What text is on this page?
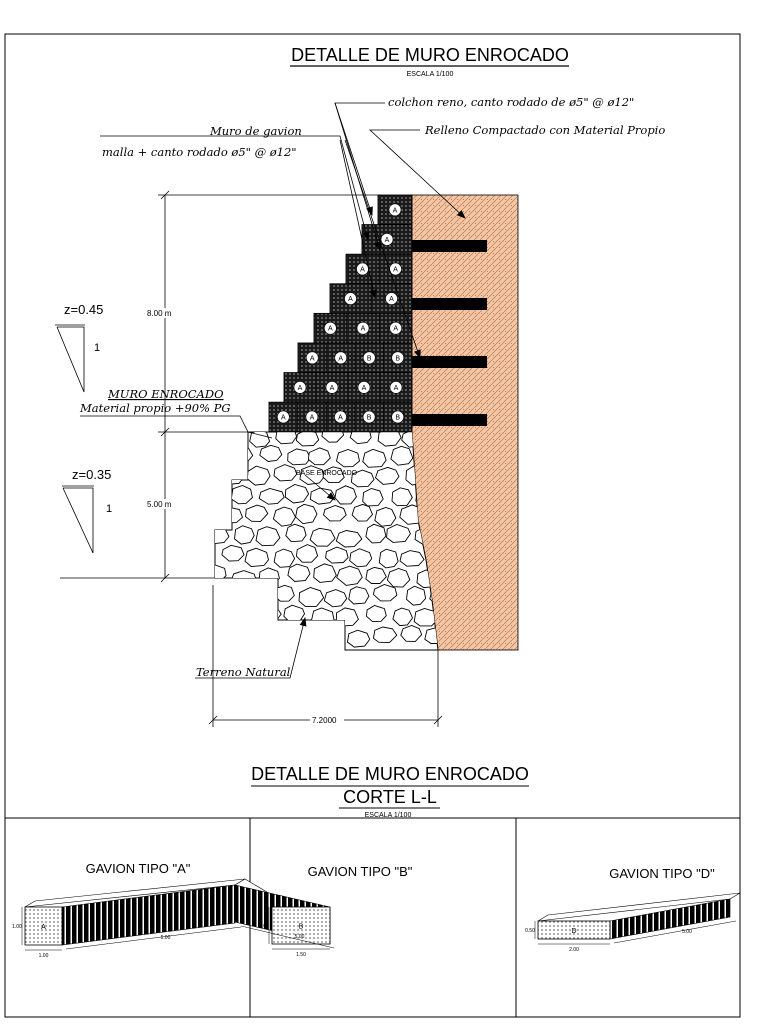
DETALLE DE MURO ENROCADO
ESCALA 1/100
A
A
A	A
A	A
A	A	A
A	A	B	B
A	A	A	A
A	A	A	B	B
colchon reno, canto rodado de ø5" @ ø12"
Relleno Compactado con Material Propio
Muro de gavion
malla + canto rodado ø5" @ ø12"
MURO ENROCADO
Material propio +90% PG
BASE ENROCADO
Terreno Natural
8.00 m
5.00 m
7.2000
z=0.45
1
z=0.35
1
DETALLE DE MURO ENROCADO
CORTE L-L
ESCALA 1/100
GAVION TIPO "A"
A
1.00
1.00
5.00
GAVION TIPO "B"
B
1.00
1.50
5.00
GAVION TIPO "D"
D
0.50
2.00
5.00
